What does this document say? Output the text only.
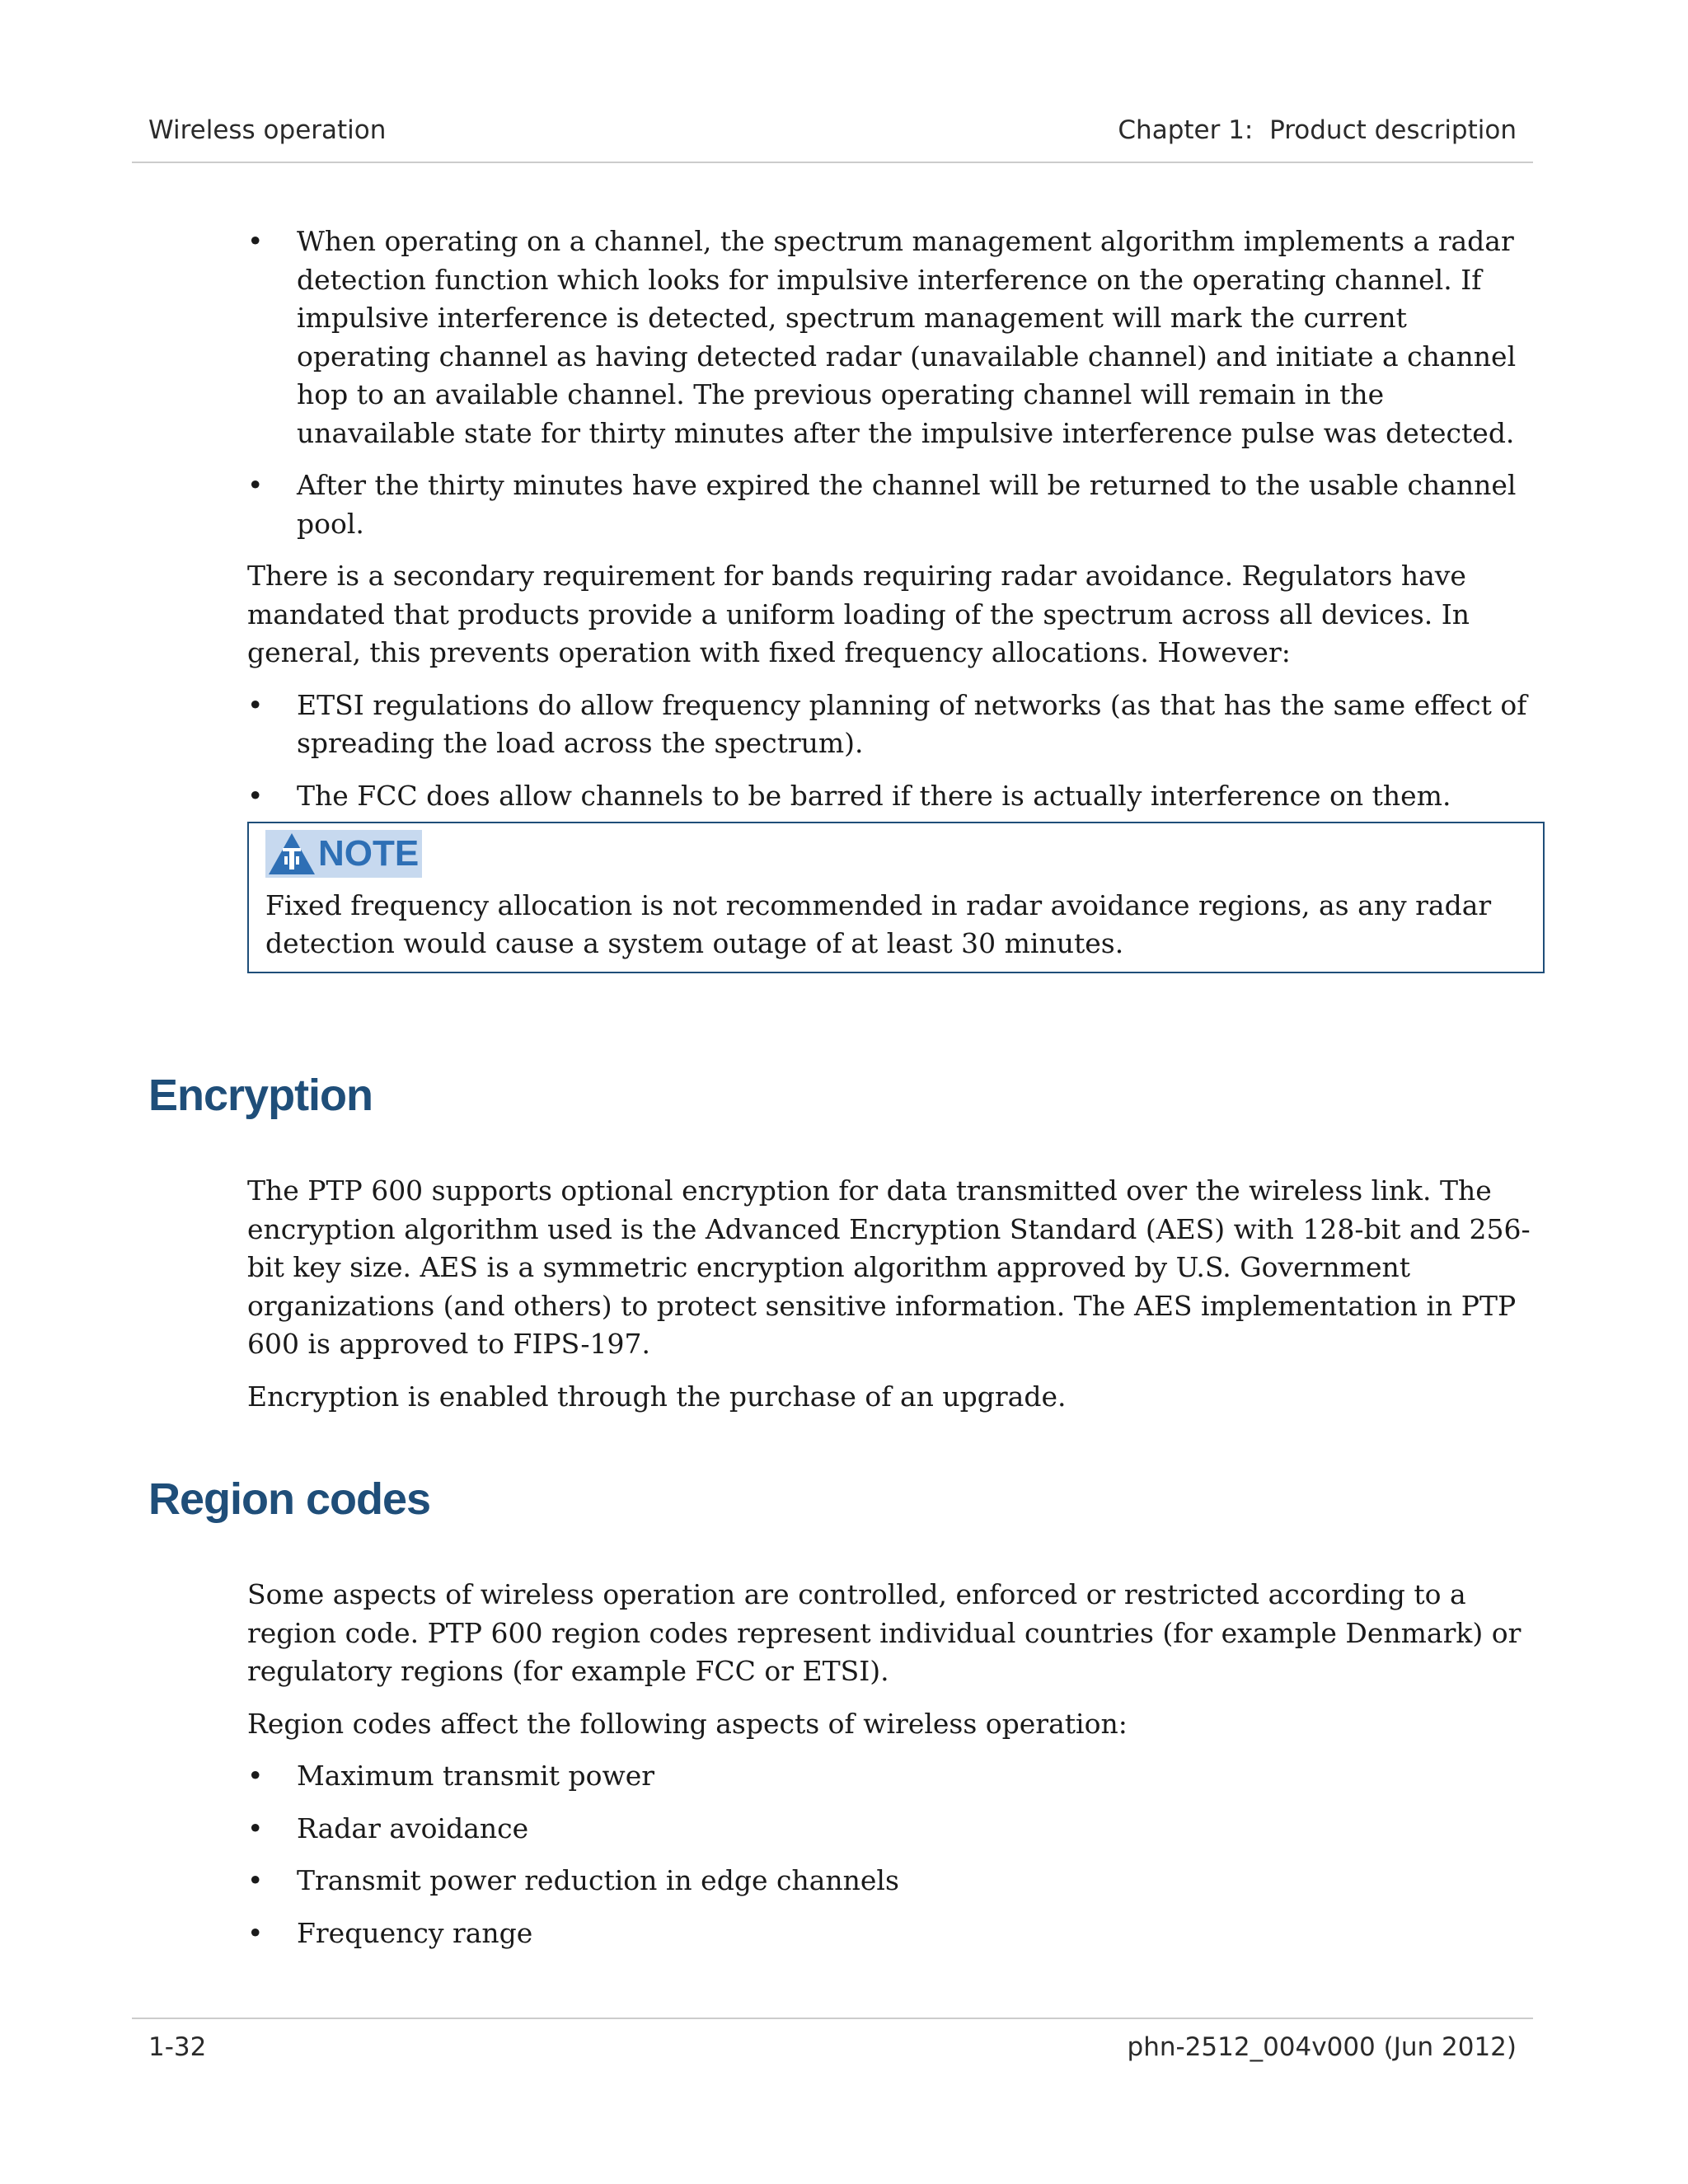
Wireless operation	Chapter 1:  Product description
•	When operating on a channel, the spectrum management algorithm implements a radar detection function which looks for impulsive interference on the operating channel. If impulsive interference is detected, spectrum management will mark the current operating channel as having detected radar (unavailable channel) and initiate a channel hop to an available channel. The previous operating channel will remain in the unavailable state for thirty minutes after the impulsive interference pulse was detected.
•	After the thirty minutes have expired the channel will be returned to the usable channel pool.

There is a secondary requirement for bands requiring radar avoidance. Regulators have mandated that products provide a uniform loading of the spectrum across all devices. In general, this prevents operation with fixed frequency allocations. However:

•	ETSI regulations do allow frequency planning of networks (as that has the same effect of spreading the load across the spectrum).
•	The FCC does allow channels to be barred if there is actually interference on them.
NOTE
Fixed frequency allocation is not recommended in radar avoidance regions, as any radar detection would cause a system outage of at least 30 minutes.
Encryption

The PTP 600 supports optional encryption for data transmitted over the wireless link. The encryption algorithm used is the Advanced Encryption Standard (AES) with 128-bit and 256-bit key size. AES is a symmetric encryption algorithm approved by U.S. Government organizations (and others) to protect sensitive information. The AES implementation in PTP 600 is approved to FIPS-197.

Encryption is enabled through the purchase of an upgrade.

Region codes

Some aspects of wireless operation are controlled, enforced or restricted according to a region code. PTP 600 region codes represent individual countries (for example Denmark) or regulatory regions (for example FCC or ETSI).

Region codes affect the following aspects of wireless operation:

•	Maximum transmit power
•	Radar avoidance
•	Transmit power reduction in edge channels
•	Frequency range
1-32	phn-2512_004v000 (Jun 2012)
